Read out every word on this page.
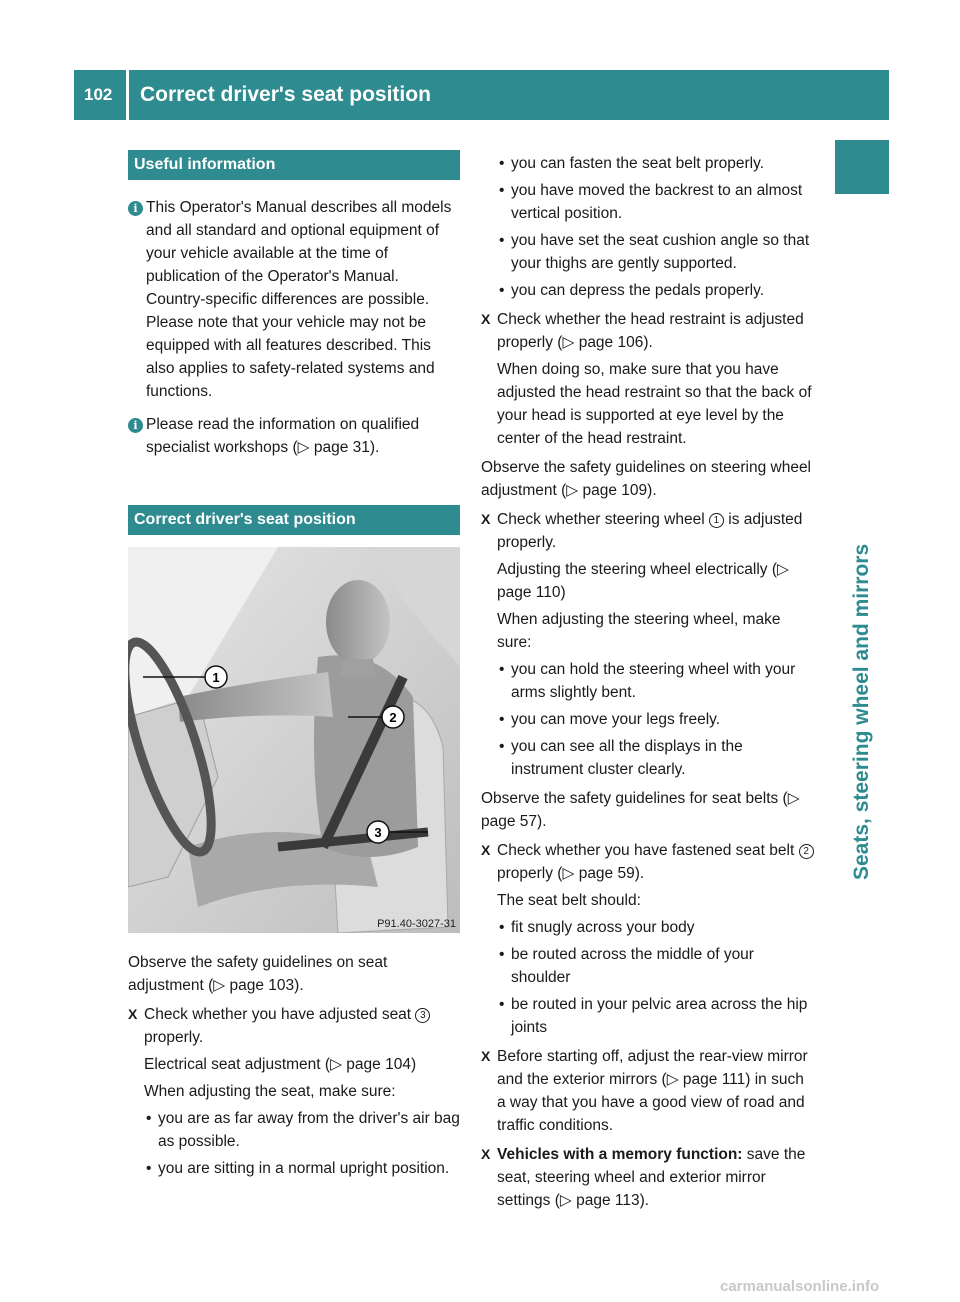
102	Correct driver's seat position
Seats, steering wheel and mirrors
Useful information
i This Operator's Manual describes all models and all standard and optional equipment of your vehicle available at the time of publication of the Operator's Manual. Country-specific differences are possible. Please note that your vehicle may not be equipped with all features described. This also applies to safety-related systems and functions.
i Please read the information on qualified specialist workshops (▷ page 31).
Correct driver's seat position
1
2
3
P91.40-3027-31

Observe the safety guidelines on seat adjustment (▷ page 103).

X Check whether you have adjusted seat 3 properly.
Electrical seat adjustment (▷ page 104)
When adjusting the seat, make sure:
• you are as far away from the driver's air bag as possible.
• you are sitting in a normal upright position.
• you can fasten the seat belt properly.
• you have moved the backrest to an almost vertical position.
• you have set the seat cushion angle so that your thighs are gently supported.
• you can depress the pedals properly.
X Check whether the head restraint is adjusted properly (▷ page 106).
When doing so, make sure that you have adjusted the head restraint so that the back of your head is supported at eye level by the center of the head restraint.

Observe the safety guidelines on steering wheel adjustment (▷ page 109).

X Check whether steering wheel 1 is adjusted properly.
Adjusting the steering wheel electrically (▷ page 110)
When adjusting the steering wheel, make sure:
• you can hold the steering wheel with your arms slightly bent.
• you can move your legs freely.
• you can see all the displays in the instrument cluster clearly.

Observe the safety guidelines for seat belts (▷ page 57).

X Check whether you have fastened seat belt 2 properly (▷ page 59).
The seat belt should:
• fit snugly across your body
• be routed across the middle of your shoulder
• be routed in your pelvic area across the hip joints
X Before starting off, adjust the rear-view mirror and the exterior mirrors (▷ page 111) in such a way that you have a good view of road and traffic conditions.
X Vehicles with a memory function: save the seat, steering wheel and exterior mirror settings (▷ page 113).
carmanualsonline.info
